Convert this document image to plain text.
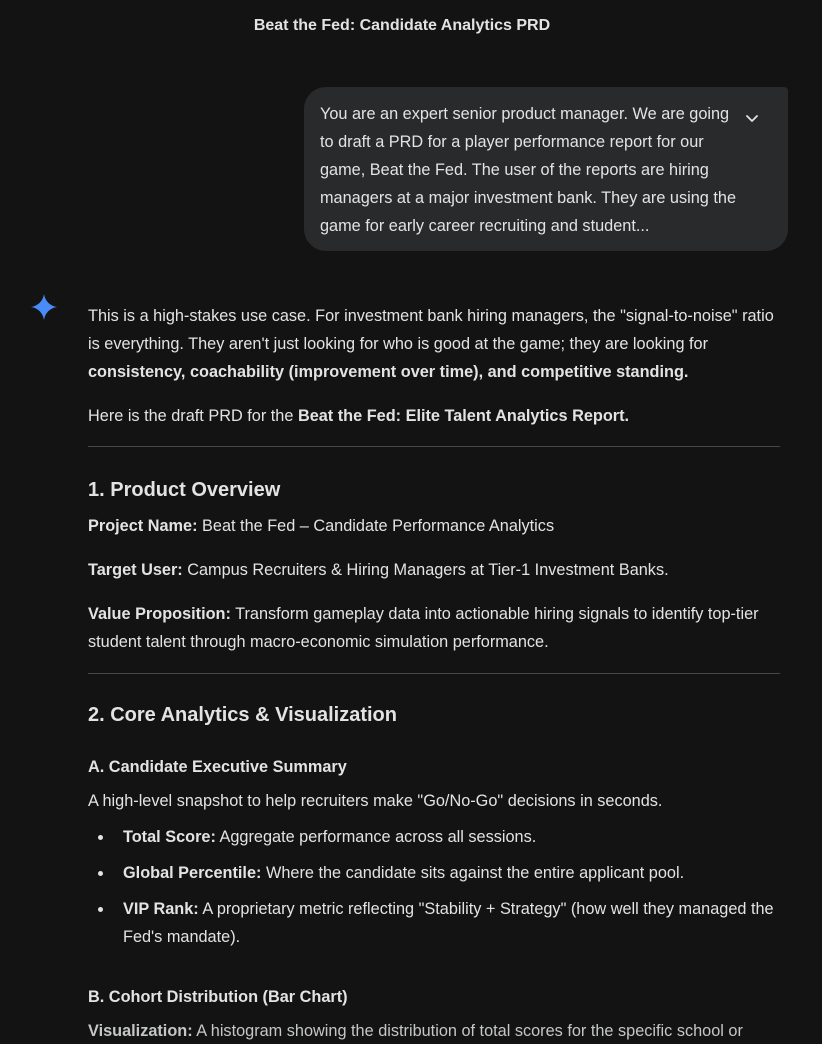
Beat the Fed: Candidate Analytics PRD

You are an expert senior product manager. We are going to draft a PRD for a player performance report for our game, Beat the Fed. The user of the reports are hiring managers at a major investment bank. They are using the game for early career recruiting and student...

This is a high-stakes use case. For investment bank hiring managers, the "signal-to-noise" ratio is everything. They aren't just looking for who is good at the game; they are looking for consistency, coachability (improvement over time), and competitive standing.

Here is the draft PRD for the Beat the Fed: Elite Talent Analytics Report.

1. Product Overview

Project Name: Beat the Fed – Candidate Performance Analytics

Target User: Campus Recruiters & Hiring Managers at Tier-1 Investment Banks.

Value Proposition: Transform gameplay data into actionable hiring signals to identify top-tier student talent through macro-economic simulation performance.

2. Core Analytics & Visualization
A. Candidate Executive Summary

A high-level snapshot to help recruiters make "Go/No-Go" decisions in seconds.

Total Score: Aggregate performance across all sessions.
Global Percentile: Where the candidate sits against the entire applicant pool.
VIP Rank: A proprietary metric reflecting "Stability + Strategy" (how well they managed the Fed's mandate).
B. Cohort Distribution (Bar Chart)

Visualization: A histogram showing the distribution of total scores for the specific school or
